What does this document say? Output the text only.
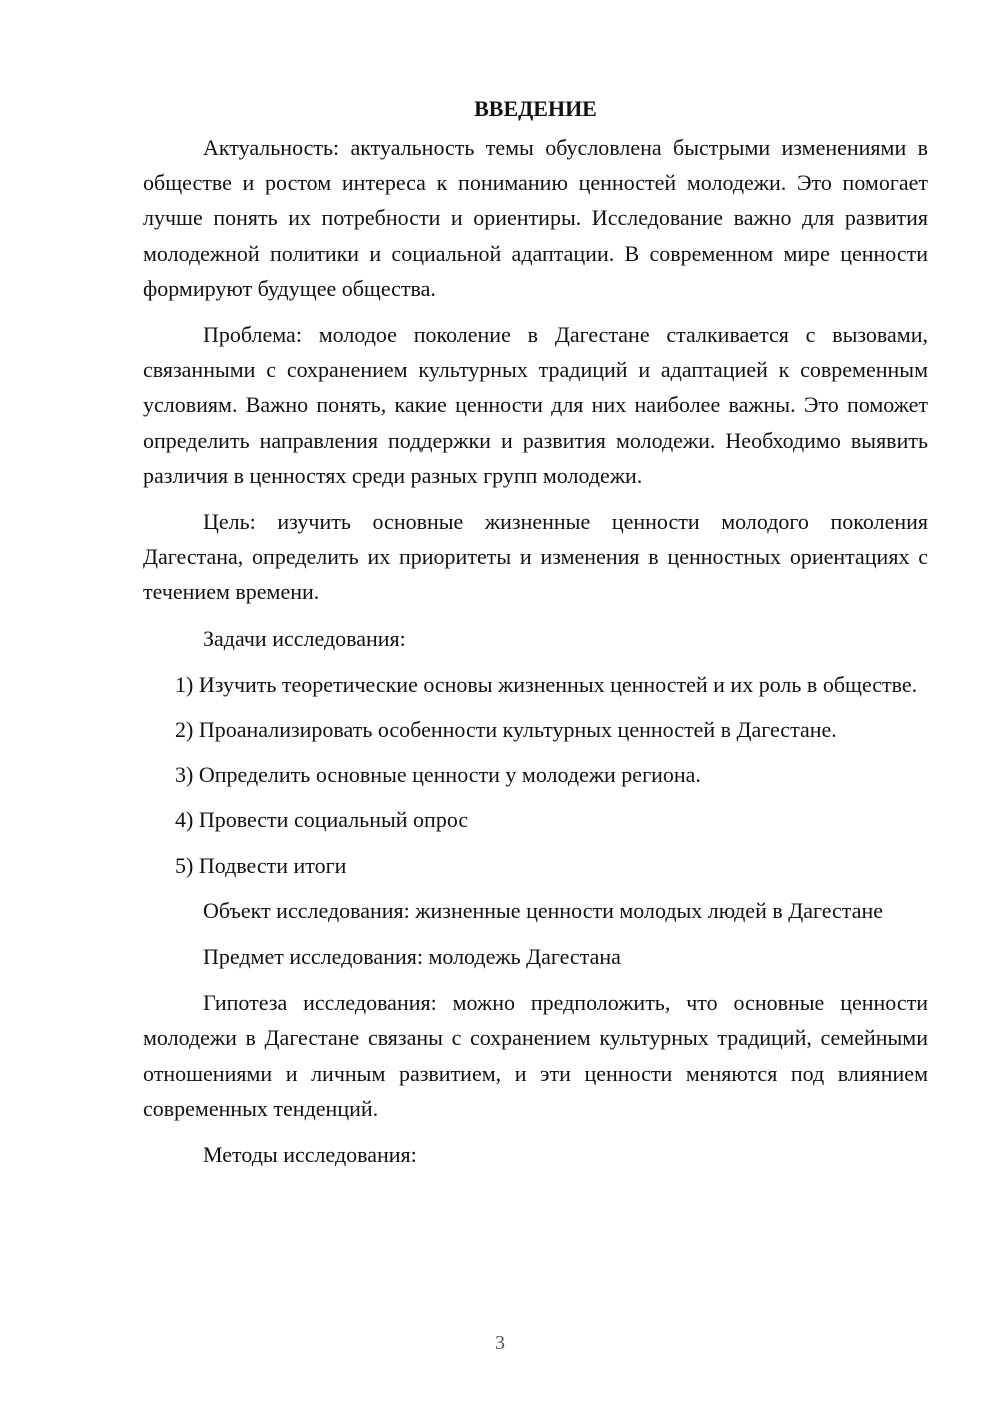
ВВЕДЕНИЕ

Актуальность: актуальность темы обусловлена быстрыми изменениями в обществе и ростом интереса к пониманию ценностей молодежи. Это помогает лучше понять их потребности и ориентиры. Исследование важно для развития молодежной политики и социальной адаптации. В современном мире ценности формируют будущее общества.

Проблема: молодое поколение в Дагестане сталкивается с вызовами, связанными с сохранением культурных традиций и адаптацией к современным условиям. Важно понять, какие ценности для них наиболее важны. Это поможет определить направления поддержки и развития молодежи. Необходимо выявить различия в ценностях среди разных групп молодежи.

Цель: изучить основные жизненные ценности молодого поколения Дагестана, определить их приоритеты и изменения в ценностных ориентациях с течением времени.

Задачи исследования:

1) Изучить теоретические основы жизненных ценностей и их роль в обществе.

2) Проанализировать особенности культурных ценностей в Дагестане.

3) Определить основные ценности у молодежи региона.

4) Провести социальный опрос

5) Подвести итоги

Объект исследования: жизненные ценности молодых людей в Дагестане

Предмет исследования: молодежь Дагестана

Гипотеза исследования: можно предположить, что основные ценности молодежи в Дагестане связаны с сохранением культурных традиций, семейными отношениями и личным развитием, и эти ценности меняются под влиянием современных тенденций.

Методы исследования:

3
